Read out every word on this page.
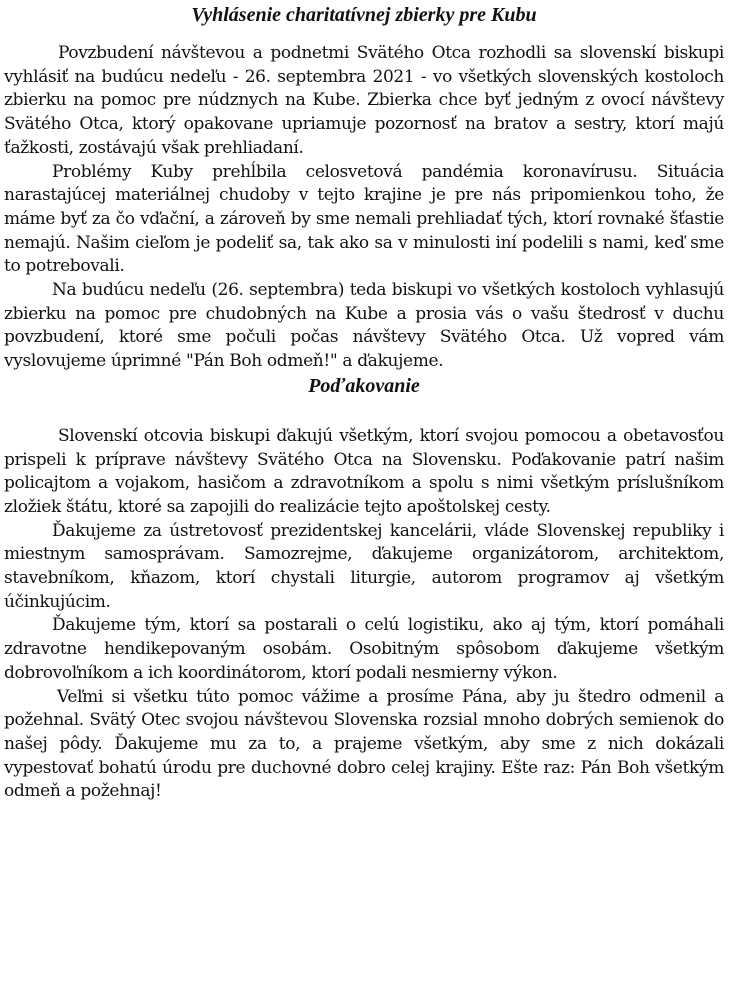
Vyhlásenie charitatívnej zbierky pre Kubu

Povzbudení návštevou a podnetmi Svätého Otca rozhodli sa slovenskí biskupi vyhlásiť na budúcu nedeľu - 26. septembra 2021 - vo všetkých slovenských kostoloch zbierku na pomoc pre núdznych na Kube. Zbierka chce byť jedným z ovocí návštevy Svätého Otca, ktorý opakovane upriamuje pozornosť na bratov a sestry, ktorí majú ťažkosti, zostávajú však prehliadaní.

Problémy Kuby prehĺbila celosvetová pandémia koronavírusu. Situácia narastajúcej materiálnej chudoby v tejto krajine je pre nás pripomienkou toho, že máme byť za čo vďační, a zároveň by sme nemali prehliadať tých, ktorí rovnaké šťastie nemajú. Našim cieľom je podeliť sa, tak ako sa v minulosti iní podelili s nami, keď sme to potrebovali.

Na budúcu nedeľu (26. septembra) teda biskupi vo všetkých kostoloch vyhlasujú zbierku na pomoc pre chudobných na Kube a prosia vás o vašu štedrosť v duchu povzbudení, ktoré sme počuli počas návštevy Svätého Otca. Už vopred vám vyslovujeme úprimné "Pán Boh odmeň!" a ďakujeme.

Poďakovanie

Slovenskí otcovia biskupi ďakujú všetkým, ktorí svojou pomocou a obetavosťou prispeli k príprave návštevy Svätého Otca na Slovensku. Poďakovanie patrí našim policajtom a vojakom, hasičom a zdravotníkom a spolu s nimi všetkým príslušníkom zložiek štátu, ktoré sa zapojili do realizácie tejto apoštolskej cesty.

Ďakujeme za ústretovosť prezidentskej kancelárii, vláde Slovenskej republiky i miestnym samosprávam. Samozrejme, ďakujeme organizátorom, architektom, stavebníkom, kňazom, ktorí chystali liturgie, autorom programov aj všetkým účinkujúcim.

Ďakujeme tým, ktorí sa postarali o celú logistiku, ako aj tým, ktorí pomáhali zdravotne hendikepovaným osobám. Osobitným spôsobom ďakujeme všetkým dobrovoľníkom a ich koordinátorom, ktorí podali nesmierny výkon.

Veľmi si všetku túto pomoc vážime a prosíme Pána, aby ju štedro odmenil a požehnal. Svätý Otec svojou návštevou Slovenska rozsial mnoho dobrých semienok do našej pôdy. Ďakujeme mu za to, a prajeme všetkým, aby sme z nich dokázali vypestovať bohatú úrodu pre duchovné dobro celej krajiny. Ešte raz: Pán Boh všetkým odmeň a požehnaj!
